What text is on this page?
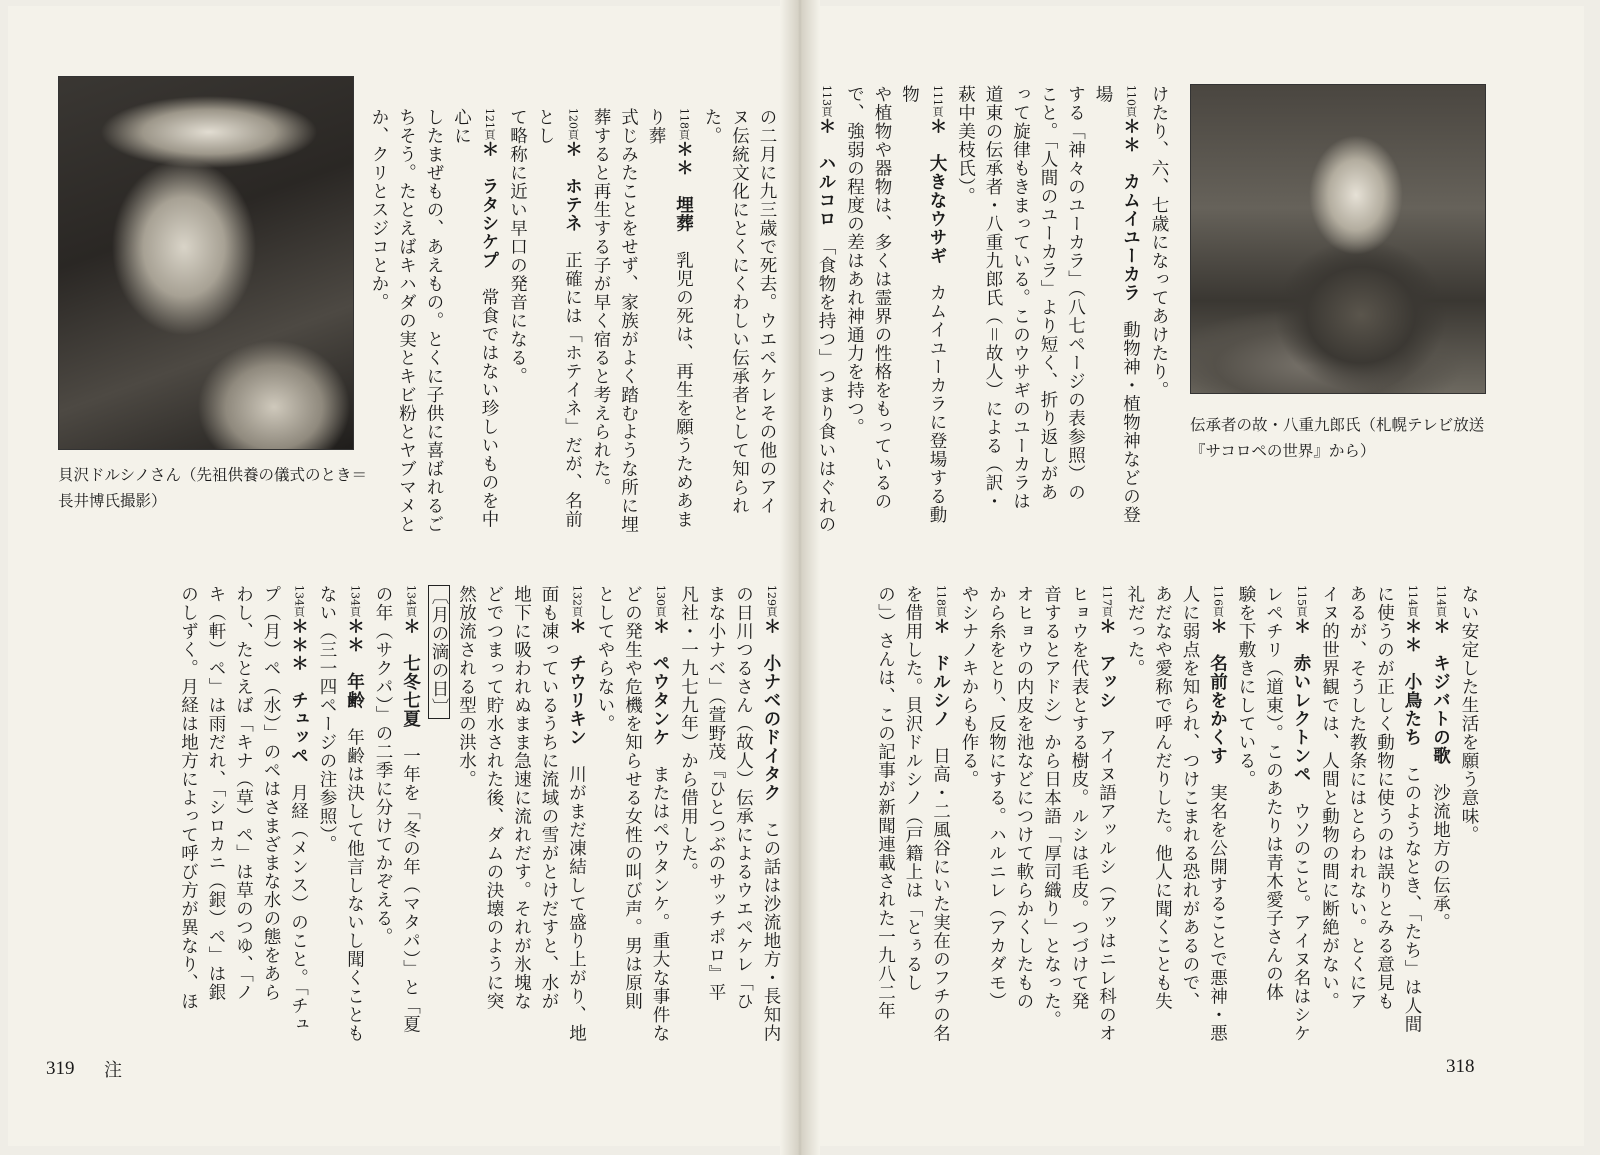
貝沢ドルシノさん（先祖供養の儀式のとき＝長井博氏撮影）	の二月に九三歳で死去。ウエペケレその他のアイ
ヌ伝統文化にとくにくわしい伝承者として知られた。
118頁＊＊　埋葬　乳児の死は、再生を願うためあまり葬
式じみたことをせず、家族がよく踏むような所に埋
葬すると再生する子が早く宿ると考えられた。
120頁＊　ホテネ　正確には「ホテイネ」だが、名前とし
て略称に近い早口の発音になる。
121頁＊　ラタシケプ　常食ではない珍しいものを中心に
したまぜもの、あえもの。とくに子供に喜ばれるご
ちそう。たとえばキハダの実とキビ粉とヤブマメと
か、クリとスジコとか。
129頁＊　小ナベのドイタク　この話は沙流地方・長知内
の日川つるさん（故人）伝承によるウエペケレ「ひ
まな小ナベ」（萱野茂『ひとつぶのサッチポロ』平
凡社・一九七九年）から借用した。
130頁＊　ペウタンケ　またはペウタンケ。重大な事件な
どの発生や危機を知らせる女性の叫び声。男は原則
としてやらない。
132頁＊　チウリキン　川がまだ凍結して盛り上がり、地
面も凍っているうちに流域の雪がとけだすと、水が
地下に吸われぬまま急速に流れだす。それが氷塊な
どでつまって貯水された後、ダムの決壊のように突
然放流される型の洪水。
〔月の滴の日〕
134頁＊　七冬七夏　一年を「冬の年（マタパ）」と「夏
の年（サクパ）」の二季に分けてかぞえる。
134頁＊＊　年齢　年齢は決して他言しないし聞くことも
ない（三一四ページの注参照）。
134頁＊＊＊　チュッペ　月経（メンス）のこと。「チュ
プ（月）ペ（水）」のペはさまざまな水の態をあら
わし、たとえば「キナ（草）ペ」は草のつゆ、「ノ
キ（軒）ペ」は雨だれ、「シロカニ（銀）ペ」は銀
のしずく。月経は地方によって呼び方が異なり、ほ
319 注
伝承者の故・八重九郎氏（札幌テレビ放送『サコロペの世界』から）
けたり、六、七歳になってあけたり。
110頁＊＊　カムイユーカラ　動物神・植物神などの登場
する「神々のユーカラ」（八七ページの表参照）の
こと。「人間のユーカラ」より短く、折り返しがあ
って旋律もきまっている。このウサギのユーカラは
道東の伝承者・八重九郎氏（＝故人）による（訳・
萩中美枝氏）。
111頁＊　大きなウサギ　カムイユーカラに登場する動物
や植物や器物は、多くは霊界の性格をもっているの
で、強弱の程度の差はあれ神通力を持つ。
113頁＊　ハルコロ　「食物を持つ」つまり食いはぐれの
ない安定した生活を願う意味。
114頁＊　キジバトの歌　沙流地方の伝承。
114頁＊＊　小鳥たち　このようなとき、「たち」は人間
に使うのが正しく動物に使うのは誤りとみる意見も
あるが、そうした教条にはとらわれない。とくにア
イヌ的世界観では、人間と動物の間に断絶がない。
115頁＊　赤いレクトンペ　ウソのこと。アイヌ名はシケ
レペチリ（道東）。このあたりは青木愛子さんの体
験を下敷きにしている。
116頁＊　名前をかくす　実名を公開することで悪神・悪
人に弱点を知られ、つけこまれる恐れがあるので、
あだなや愛称で呼んだりした。他人に聞くことも失
礼だった。
117頁＊　アッシ　アイヌ語アッルシ（アッはニレ科のオ
ヒョウを代表とする樹皮。ルシは毛皮。つづけて発
音するとアドシ）から日本語「厚司織り」となった。
オヒョウの内皮を池などにつけて軟らかくしたもの
から糸をとり、反物にする。ハルニレ（アカダモ）
やシナノキからも作る。
118頁＊　ドルシノ　日高・二風谷にいた実在のフチの名
を借用した。貝沢ドルシノ（戸籍上は「とぅるし
の」）さんは、この記事が新聞連載された一九八二年
318
